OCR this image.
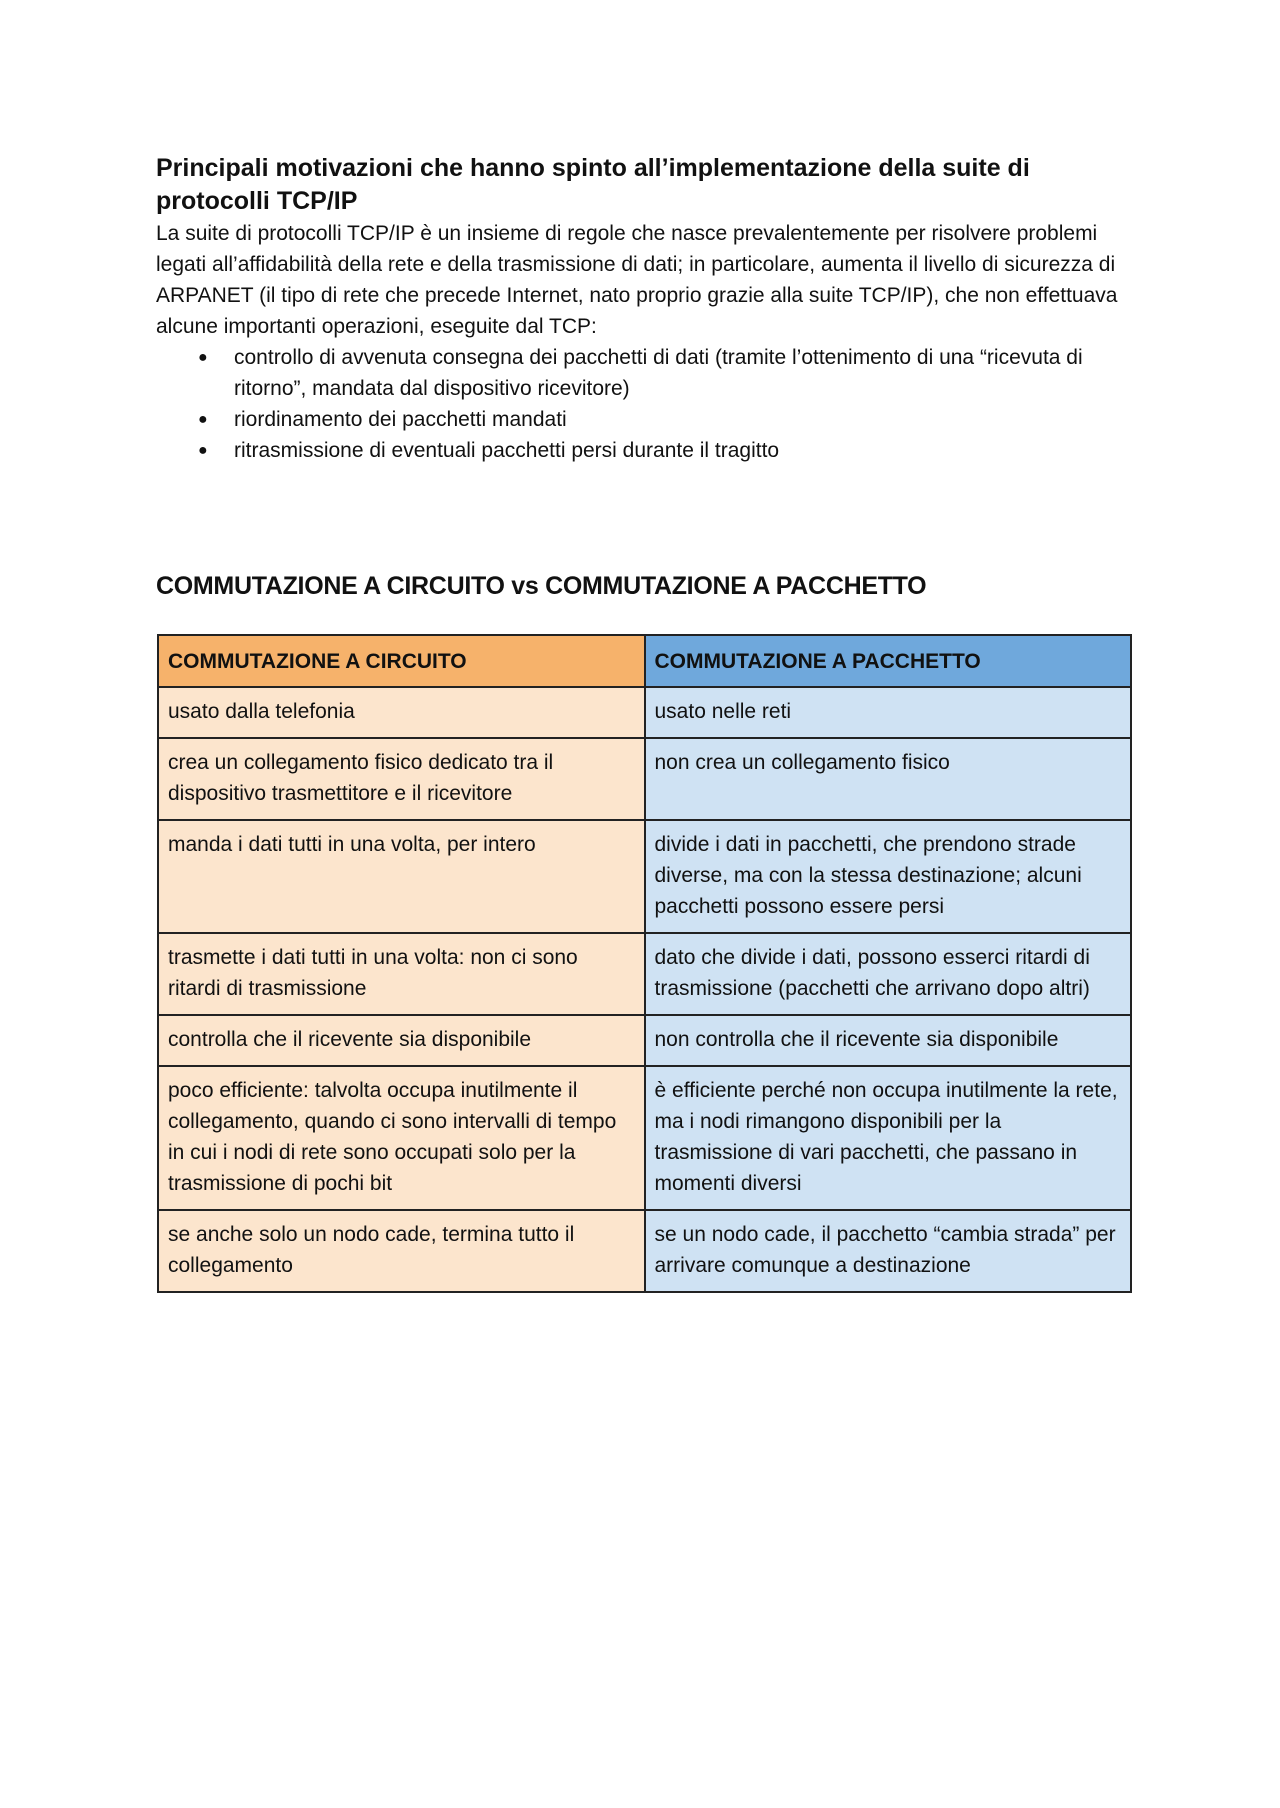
Principali motivazioni che hanno spinto all’implementazione della suite di protocolli TCP/IP

La suite di protocolli TCP/IP è un insieme di regole che nasce prevalentemente per risolvere problemi legati all’affidabilità della rete e della trasmissione di dati; in particolare, aumenta il livello di sicurezza di ARPANET (il tipo di rete che precede Internet, nato proprio grazie alla suite TCP/IP), che non effettuava alcune importanti operazioni, eseguite dal TCP:

● controllo di avvenuta consegna dei pacchetti di dati (tramite l’ottenimento di una “ricevuta di ritorno”, mandata dal dispositivo ricevitore)
● riordinamento dei pacchetti mandati
● ritrasmissione di eventuali pacchetti persi durante il tragitto
COMMUTAZIONE A CIRCUITO vs COMMUTAZIONE A PACCHETTO
COMMUTAZIONE A CIRCUITO	COMMUTAZIONE A PACCHETTO
usato dalla telefonia	usato nelle reti
crea un collegamento fisico dedicato tra il dispositivo trasmettitore e il ricevitore	non crea un collegamento fisico
manda i dati tutti in una volta, per intero	divide i dati in pacchetti, che prendono strade diverse, ma con la stessa destinazione; alcuni pacchetti possono essere persi
trasmette i dati tutti in una volta: non ci sono ritardi di trasmissione	dato che divide i dati, possono esserci ritardi di trasmissione (pacchetti che arrivano dopo altri)
controlla che il ricevente sia disponibile	non controlla che il ricevente sia disponibile
poco efficiente: talvolta occupa inutilmente il collegamento, quando ci sono intervalli di tempo in cui i nodi di rete sono occupati solo per la trasmissione di pochi bit	è efficiente perché non occupa inutilmente la rete, ma i nodi rimangono disponibili per la trasmissione di vari pacchetti, che passano in momenti diversi
se anche solo un nodo cade, termina tutto il collegamento	se un nodo cade, il pacchetto “cambia strada” per arrivare comunque a destinazione
